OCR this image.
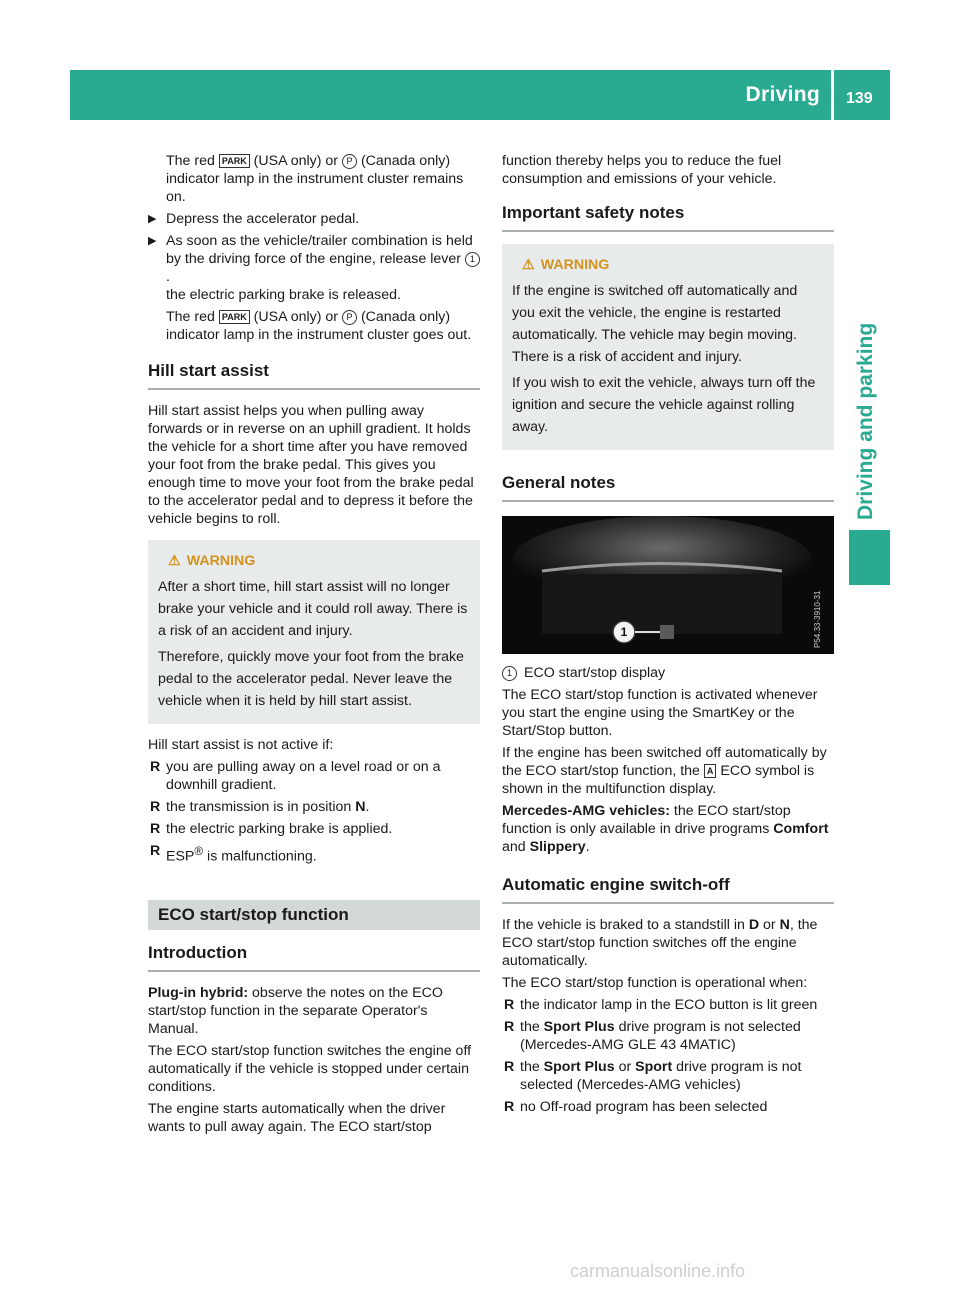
Driving 139
Driving and parking

The red PARK (USA only) or P (Canada only) indicator lamp in the instrument cluster remains on.

▶ Depress the accelerator pedal.
▶ As soon as the vehicle/trailer combination is held by the driving force of the engine, release lever 1.

the electric parking brake is released.

The red PARK (USA only) or P (Canada only) indicator lamp in the instrument cluster goes out.

Hill start assist

Hill start assist helps you when pulling away forwards or in reverse on an uphill gradient. It holds the vehicle for a short time after you have removed your foot from the brake pedal. This gives you enough time to move your foot from the brake pedal to the accelerator pedal and to depress it before the vehicle begins to roll.

⚠ WARNING

After a short time, hill start assist will no longer brake your vehicle and it could roll away. There is a risk of an accident and injury.

Therefore, quickly move your foot from the brake pedal to the accelerator pedal. Never leave the vehicle when it is held by hill start assist.

Hill start assist is not active if:

R you are pulling away on a level road or on a downhill gradient.
R the transmission is in position N.
R the electric parking brake is applied.
R ESP® is malfunctioning.
ECO start/stop function
Introduction

Plug-in hybrid: observe the notes on the ECO start/stop function in the separate Operator's Manual.

The ECO start/stop function switches the engine off automatically if the vehicle is stopped under certain conditions.

The engine starts automatically when the driver wants to pull away again. The ECO start/stop

function thereby helps you to reduce the fuel consumption and emissions of your vehicle.

Important safety notes
⚠ WARNING

If the engine is switched off automatically and you exit the vehicle, the engine is restarted automatically. The vehicle may begin moving. There is a risk of accident and injury.

If you wish to exit the vehicle, always turn off the ignition and secure the vehicle against rolling away.

General notes
1	P54.33-3910-31
1 ECO start/stop display

The ECO start/stop function is activated whenever you start the engine using the SmartKey or the Start/Stop button.

If the engine has been switched off automatically by the ECO start/stop function, the A ECO symbol is shown in the multifunction display.

Mercedes-AMG vehicles: the ECO start/stop function is only available in drive programs Comfort and Slippery.

Automatic engine switch-off

If the vehicle is braked to a standstill in D or N, the ECO start/stop function switches off the engine automatically.

The ECO start/stop function is operational when:

R the indicator lamp in the ECO button is lit green
R the Sport Plus drive program is not selected (Mercedes-AMG GLE 43 4MATIC)
R the Sport Plus or Sport drive program is not selected (Mercedes-AMG vehicles)
R no Off-road program has been selected
carmanualsonline.info
